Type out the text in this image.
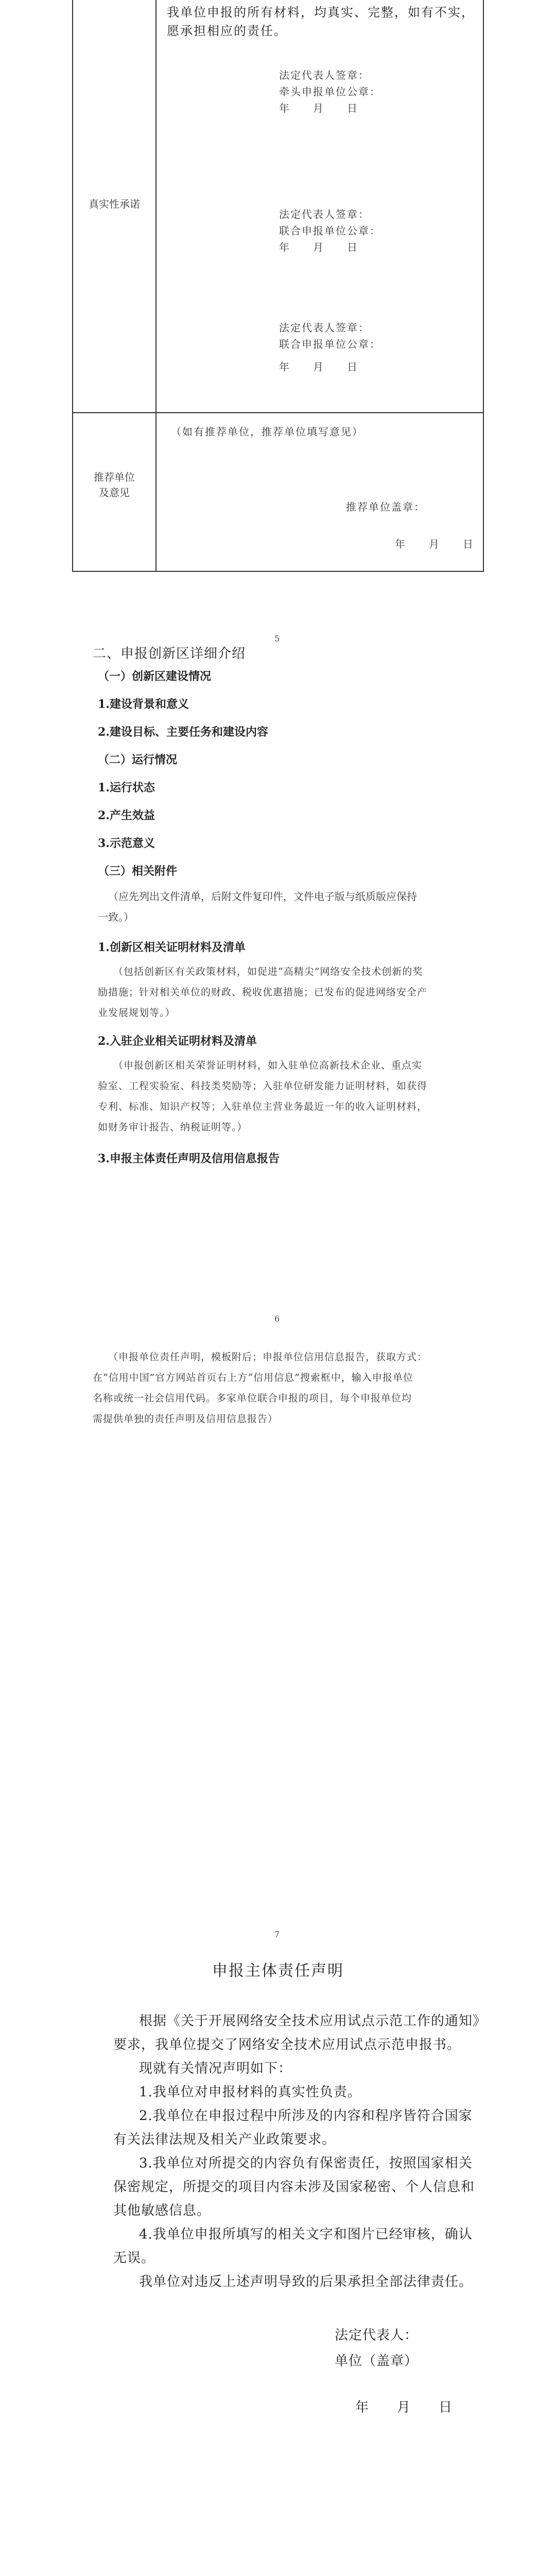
真实性承诺
我单位申报的所有材料，均真实、完整，如有不实，愿承担相应的责任。
法定代表人签章：
牵头申报单位公章：
年　　月　　日
法定代表人签章：
联合申报单位公章：
年　　月　　日
法定代表人签章：
联合申报单位公章：
年　　月　　日
推荐单位
及意见
（如有推荐单位，推荐单位填写意见）
推荐单位盖章：
年　　月　　日
5
二、申报创新区详细介绍
（一）创新区建设情况
1.建设背景和意义
2.建设目标、主要任务和建设内容
（二）运行情况
1.运行状态
2.产生效益
3.示范意义
（三）相关附件
（应先列出文件清单，后附文件复印件，文件电子版与纸质版应保持
一致。）
1.创新区相关证明材料及清单
（包括创新区有关政策材料，如促进“高精尖”网络安全技术创新的奖
励措施；针对相关单位的财政、税收优惠措施；已发布的促进网络安全产
业发展规划等。）
2.入驻企业相关证明材料及清单
（申报创新区相关荣誉证明材料，如入驻单位高新技术企业、重点实
验室、工程实验室、科技类奖励等；入驻单位研发能力证明材料，如获得
专利、标准、知识产权等；入驻单位主营业务最近一年的收入证明材料，
如财务审计报告、纳税证明等。）
3.申报主体责任声明及信用信息报告
6
（申报单位责任声明，模板附后；申报单位信用信息报告，获取方式：
在“信用中国”官方网站首页右上方“信用信息”搜索框中，输入申报单位
名称或统一社会信用代码。多家单位联合申报的项目，每个申报单位均
需提供单独的责任声明及信用信息报告）
7
申报主体责任声明
根据《关于开展网络安全技术应用试点示范工作的通知》
要求，我单位提交了网络安全技术应用试点示范申报书。
现就有关情况声明如下：
1.我单位对申报材料的真实性负责。
2.我单位在申报过程中所涉及的内容和程序皆符合国家
有关法律法规及相关产业政策要求。
3.我单位对所提交的内容负有保密责任，按照国家相关
保密规定，所提交的项目内容未涉及国家秘密、个人信息和
其他敏感信息。
4.我单位申报所填写的相关文字和图片已经审核，确认
无误。
我单位对违反上述声明导致的后果承担全部法律责任。
法定代表人：
单位（盖章）
年　　月　　日
